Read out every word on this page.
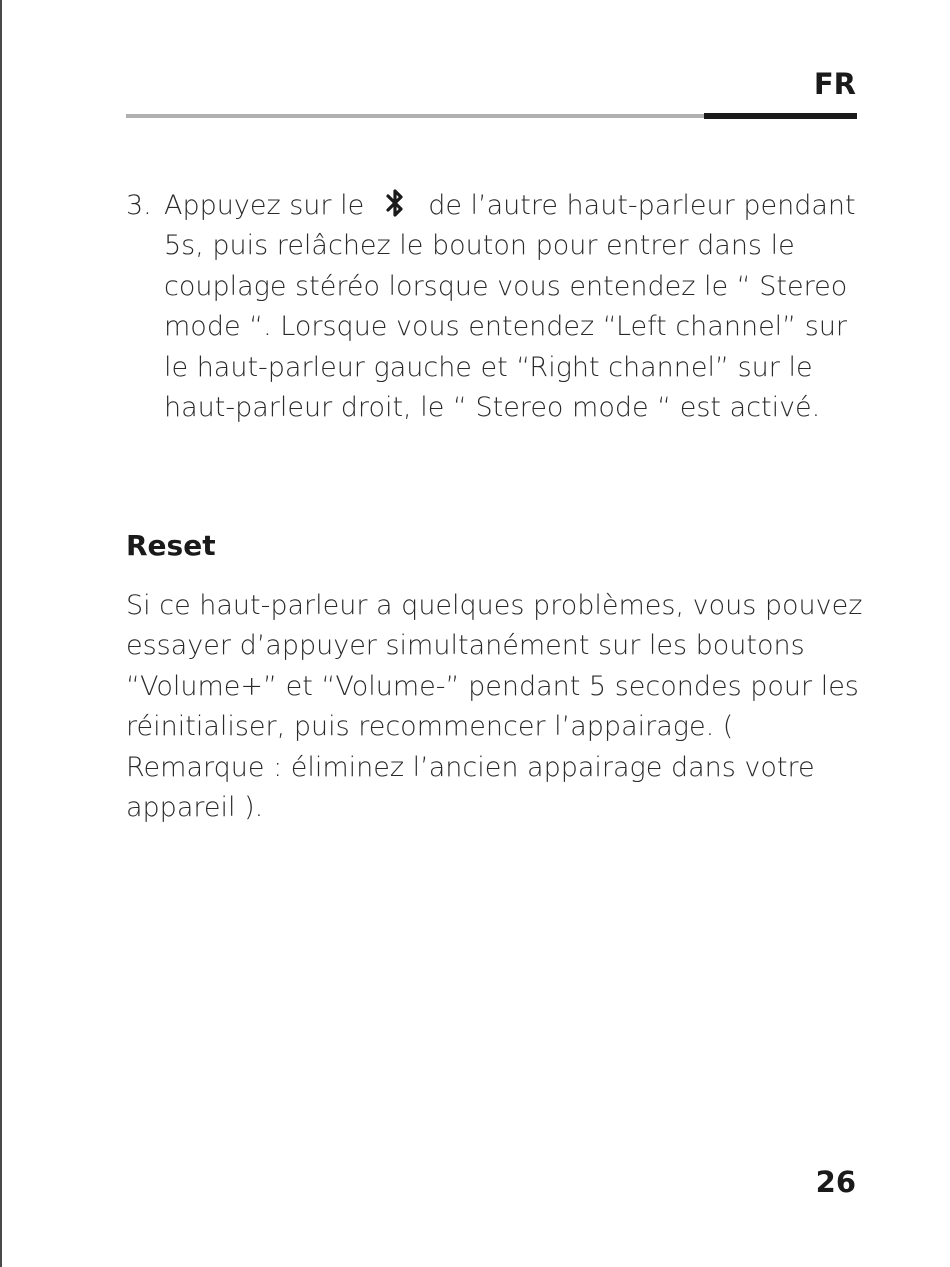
FR
3. Appuyez sur le de l’autre haut-parleur pendant 5s, puis relâchez le bouton pour entrer dans le couplage stéréo lorsque vous entendez le “ Stereo mode “. Lorsque vous entendez “Left channel” sur le haut-parleur gauche et “Right channel” sur le haut-parleur droit, le “ Stereo mode “ est activé.
Reset
Si ce haut-parleur a quelques problèmes, vous pouvez essayer d’appuyer simultanément sur les boutons “Volume+” et “Volume-” pendant 5 secondes pour les réinitialiser, puis recommencer l’appairage. ( Remarque : éliminez l’ancien appairage dans votre appareil ).
26
